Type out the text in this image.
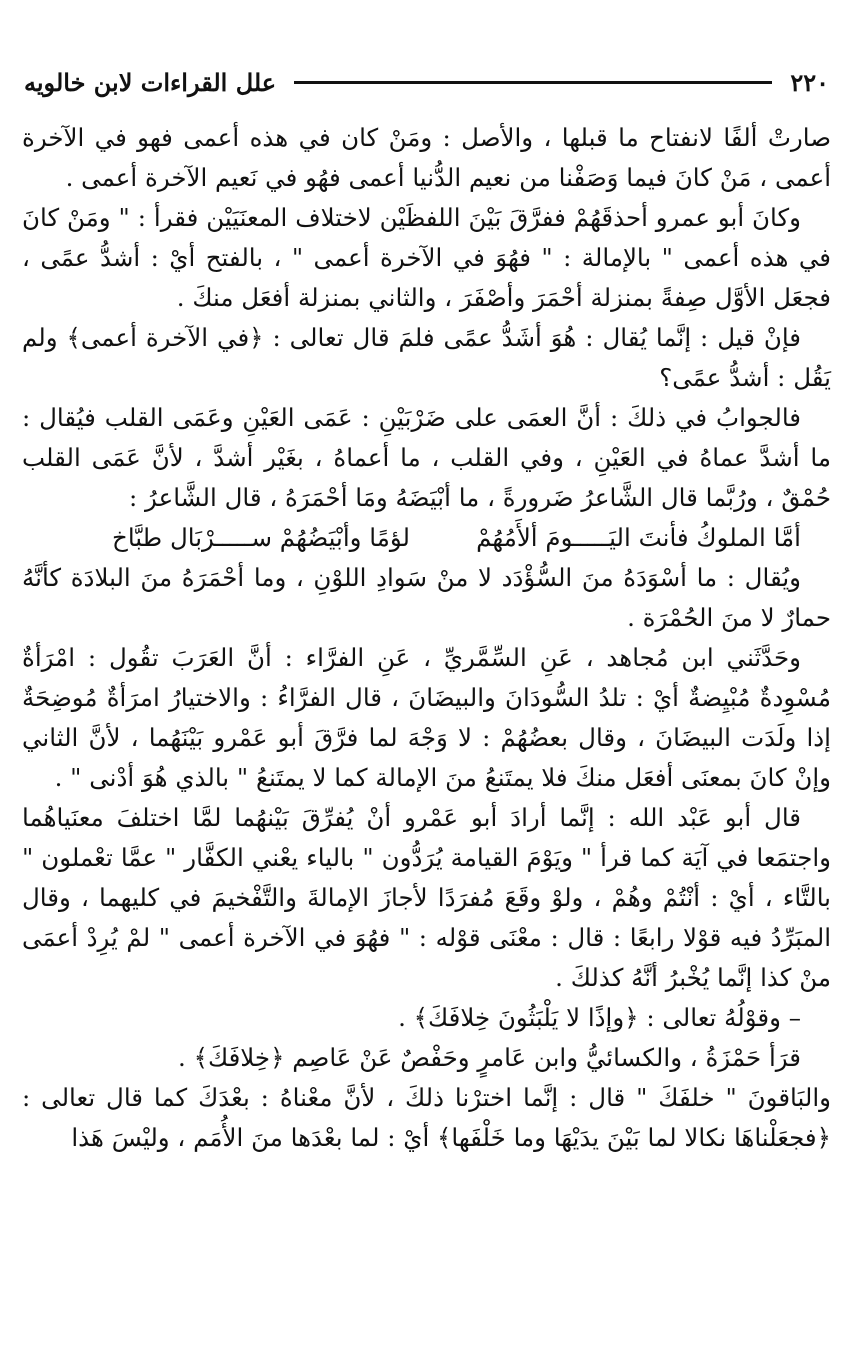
علل القراءات لابن خالويه	٢٢٠

صارتْ ألفًا لانفتاح ما قبلها ، والأصل : ومَنْ كان في هذه أعمى فهو في الآخرة أعمى ، مَنْ كانَ فيما وَصَفْنا من نعيم الدُّنيا أعمى فهُو في نَعيم الآخرة أعمى .

وكانَ أبو عمرو أحذقَهُمْ ففرَّقَ بَيْنَ اللفظَيْن لاختلاف المعنَيَيْن فقرأ : " ومَنْ كانَ في هذه أعمى " بالإمالة : " فهُوَ في الآخرة أعمى " ، بالفتح أيْ : أشدُّ عمًى ، فجعَل الأوَّل صِفةً بمنزلة أحْمَرَ وأصْفَرَ ، والثاني بمنزلة أفعَل منكَ .

فإنْ قيل : إنَّما يُقال : هُوَ أشَدُّ عمًى فلمَ قال تعالى : ﴿في الآخرة أعمى﴾ ولم يَقُل : أشدُّ عمًى؟

فالجوابُ في ذلكَ : أنَّ العمَى على ضَرْبَيْنِ : عَمَى العَيْنِ وعَمَى القلب فيُقال : ما أشدَّ عماهُ في العَيْنِ ، وفي القلب ، ما أعماهُ ، بغَيْر أشدَّ ، لأنَّ عَمَى القلب حُمْقٌ ، ورُبَّما قال الشَّاعرُ ضَرورةً ، ما أبْيَضَهُ ومَا أحْمَرَهُ ، قال الشَّاعرُ :

أمَّا الملوكُ فأنتَ اليَـــــومَ ألأَمُهُمْ
لؤمًا وأبْيَضُهُمْ ســـــرْبَال طبَّاخ

ويُقال : ما أسْوَدَهُ منَ السُّؤْدَد لا منْ سَوادِ اللوْنِ ، وما أحْمَرَهُ منَ البلادَة كأنَّهُ حمارٌ لا منَ الحُمْرَة .

وحَدَّثَني ابن مُجاهد ، عَنِ السِّمَّريِّ ، عَنِ الفرَّاء : أنَّ العَرَبَ تقُول : امْرَأةٌ مُسْوِدةٌ مُبْيِضةٌ أيْ : تلدُ السُّودَانَ والبيضَانَ ، قال الفرَّاءُ : والاختيارُ امرَأةٌ مُوضِحَةٌ إذا ولَدَت البيضَانَ ، وقال بعضُهُمْ : لا وَجْهَ لما فرَّقَ أبو عَمْرو بَيْنَهُما ، لأنَّ الثاني وإنْ كانَ بمعنَى أفعَل منكَ فلا يمتَنعُ منَ الإمالة كما لا يمتَنعُ " بالذي هُوَ أدْنى " .

قال أبو عَبْد الله : إنَّما أرادَ أبو عَمْرو أنْ يُفرِّقَ بَيْنهُما لمَّا اختلفَ معنَياهُما واجتمَعا في آيَة كما قرأ " ويَوْمَ القيامة يُرَدُّون " بالياء يعْني الكفَّار " عمَّا تعْملون " بالتَّاء ، أيْ : أنْتُمْ وهُمْ ، ولوْ وقَعَ مُفرَدًا لأجازَ الإمالةَ والتَّفْخيمَ في كليهما ، وقال المبَرِّدُ فيه قوْلا رابعًا : قال : معْنَى قوْله : " فهُوَ في الآخرة أعمى " لمْ يُرِدْ أعمَى منْ كذا إنَّما يُخْبرُ أنَّهُ كذلكَ .

– وقوْلُهُ تعالى : ﴿وإذًا لا يَلْبَثُونَ خِلافَكَ﴾ .

قرَأ حَمْزَةُ ، والكسائيُّ وابن عَامرٍ وحَفْصٌ عَنْ عَاصِم ﴿خِلافَكَ﴾ .

والبَاقونَ " خلفَكَ " قال : إنَّما اخترْنا ذلكَ ، لأنَّ معْناهُ : بعْدَكَ كما قال تعالى : ﴿فجعَلْناهَا نكالا لما بَيْنَ يدَيْهَا وما خَلْفَها﴾ أيْ : لما بعْدَها منَ الأُمَم ، وليْسَ هَذا
